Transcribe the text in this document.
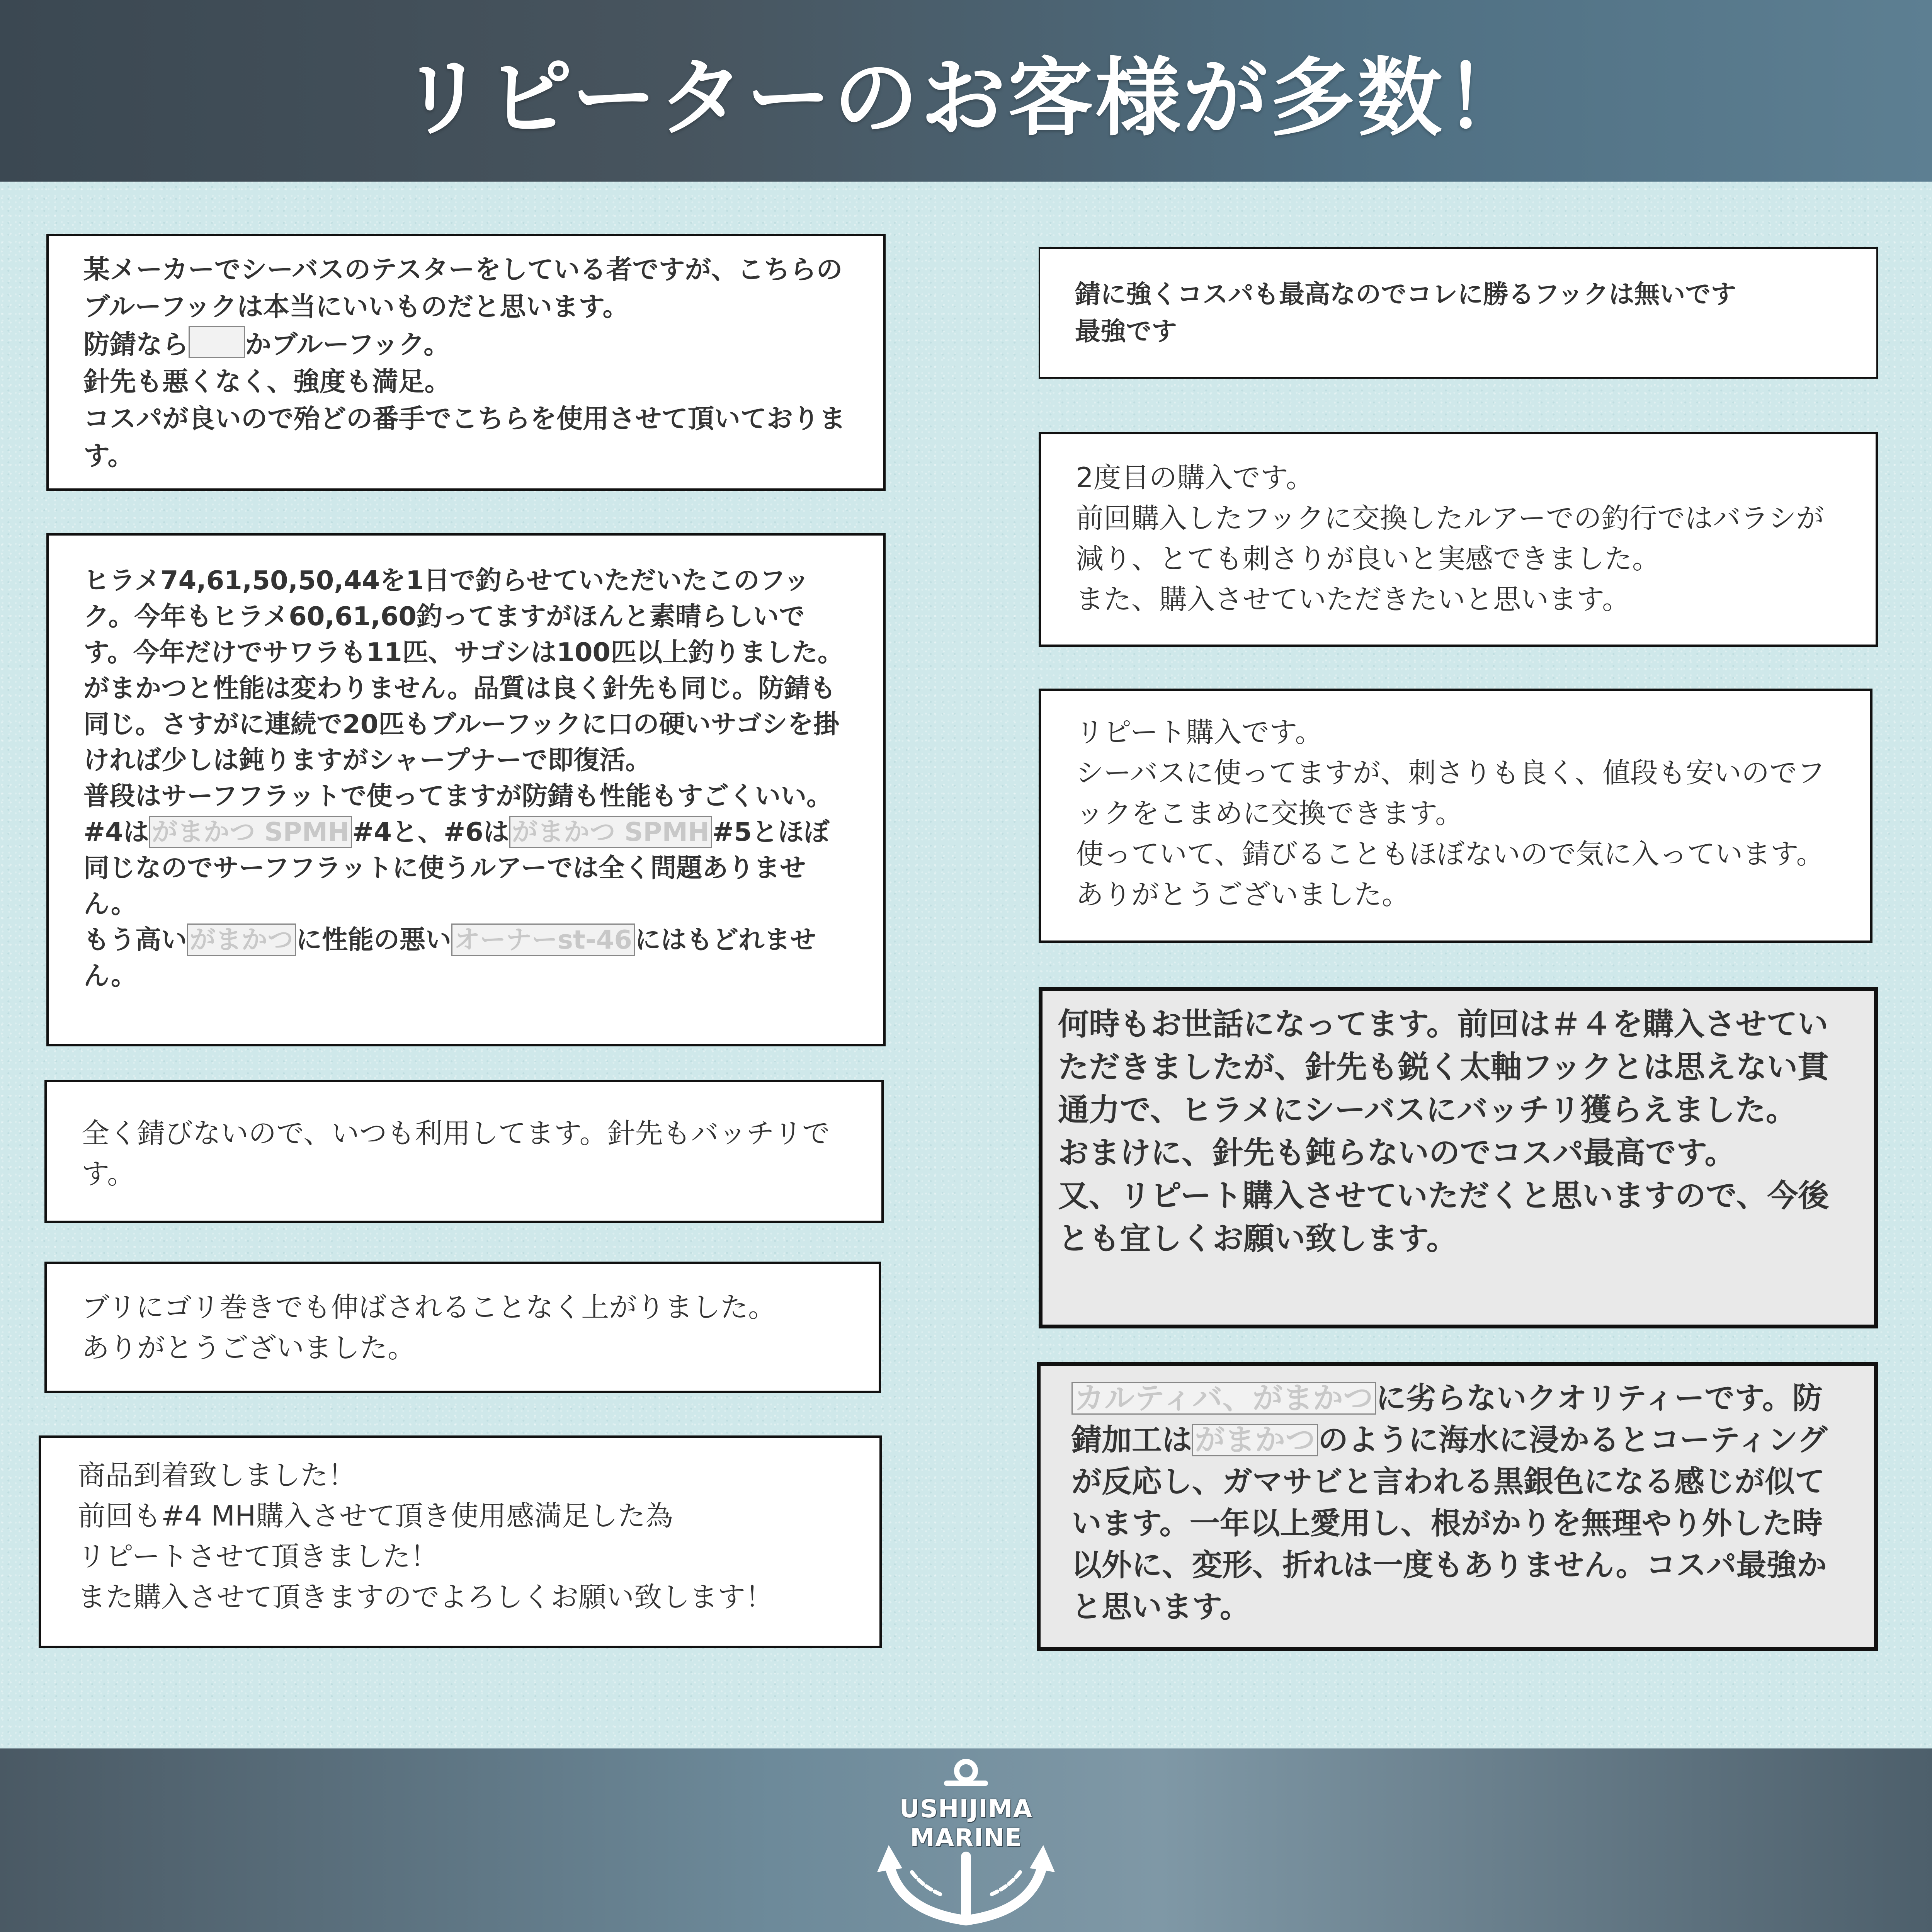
リピーターのお客様が多数！

某メーカーでシーバスのテスターをしている者ですが、こちらのブルーフックは本当にいいものだと思います。
防錆なら かブルーフック。
針先も悪くなく、強度も満足。
コスパが良いので殆どの番手でこちらを使用させて頂いております。

ヒラメ74,61,50,50,44を1日で釣らせていただいたこのフック。今年もヒラメ60,61,60釣ってますがほんと素晴らしいです。今年だけでサワラも11匹、サゴシは100匹以上釣りました。
がまかつと性能は変わりません。品質は良く針先も同じ。防錆も同じ。さすがに連続で20匹もブルーフックに口の硬いサゴシを掛ければ少しは鈍りますがシャープナーで即復活。
普段はサーフフラットで使ってますが防錆も性能もすごくいい。#4は がまかつ SPMH #4と、#6は がまかつ SPMH #5とほぼ同じなのでサーフフラットに使うルアーでは全く問題ありません。
もう高い がまかつ に性能の悪い オーナーst-46 にはもどれません。

全く錆びないので、いつも利用してます。針先もバッチリです。

ブリにゴリ巻きでも伸ばされることなく上がりました。
ありがとうございました。

商品到着致しました！
前回も#4 MH購入させて頂き使用感満足した為
リピートさせて頂きました！
また購入させて頂きますのでよろしくお願い致します！

錆に強くコスパも最高なのでコレに勝るフックは無いです
最強です

2度目の購入です。
前回購入したフックに交換したルアーでの釣行ではバラシが減り、とても刺さりが良いと実感できました。
また、購入させていただきたいと思います。

リピート購入です。
シーバスに使ってますが、刺さりも良く、値段も安いのでフックをこまめに交換できます。
使っていて、錆びることもほぼないので気に入っています。ありがとうございました。

何時もお世話になってます。前回は＃４を購入させていただきましたが、針先も鋭く太軸フックとは思えない貫通力で、ヒラメにシーバスにバッチリ獲らえました。
おまけに、針先も鈍らないのでコスパ最高です。
又、リピート購入させていただくと思いますので、今後とも宜しくお願い致します。

カルティバ、がまかつに劣らないクオリティーです。防錆加工はがまかつのように海水に浸かるとコーティングが反応し、ガマサビと言われる黒銀色になる感じが似ています。一年以上愛用し、根がかりを無理やり外した時以外に、変形、折れは一度もありません。コスパ最強かと思います。

USHIJIMA
MARINE
